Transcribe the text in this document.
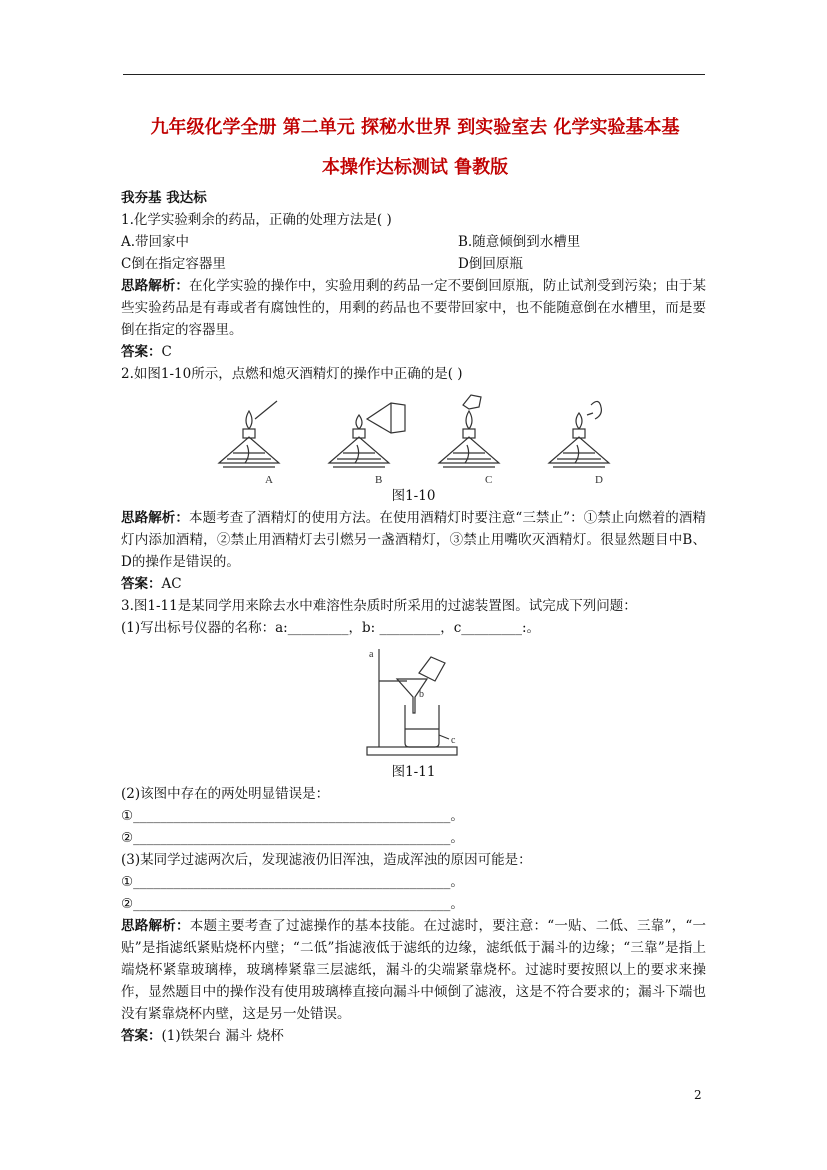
九年级化学全册 第二单元 探秘水世界 到实验室去 化学实验基本基
本操作达标测试 鲁教版
我夯基 我达标
1.化学实验剩余的药品，正确的处理方法是( )
A.带回家中	B.随意倾倒到水槽里
C倒在指定容器里	D倒回原瓶
思路解析：在化学实验的操作中，实验用剩的药品一定不要倒回原瓶，防止试剂受到污染；由于某些实验药品是有毒或者有腐蚀性的，用剩的药品也不要带回家中，也不能随意倒在水槽里，而是要倒在指定的容器里。
答案：C
2.如图1-10所示，点燃和熄灭酒精灯的操作中正确的是( )
A	B	C	D
图1-10
思路解析：本题考查了酒精灯的使用方法。在使用酒精灯时要注意“三禁止”：①禁止向燃着的酒精灯内添加酒精，②禁止用酒精灯去引燃另一盏酒精灯，③禁止用嘴吹灭酒精灯。很显然题目中B、D的操作是错误的。
答案：AC
3.图1-11是某同学用来除去水中难溶性杂质时所采用的过滤装置图。试完成下列问题：
(1)写出标号仪器的名称：a:_________，b: _________，c_________:。
a
b
c
图1-11
(2)该图中存在的两处明显错误是：
①_______________________________________________。
②_______________________________________________。
(3)某同学过滤两次后，发现滤液仍旧浑浊，造成浑浊的原因可能是：
①_______________________________________________。
②_______________________________________________。
思路解析：本题主要考查了过滤操作的基本技能。在过滤时，要注意：“一贴、二低、三靠”，“一贴”是指滤纸紧贴烧杯内壁；“二低”指滤液低于滤纸的边缘，滤纸低于漏斗的边缘；“三靠”是指上端烧杯紧靠玻璃棒，玻璃棒紧靠三层滤纸，漏斗的尖端紧靠烧杯。过滤时要按照以上的要求来操作，显然题目中的操作没有使用玻璃棒直接向漏斗中倾倒了滤液，这是不符合要求的；漏斗下端也没有紧靠烧杯内壁，这是另一处错误。
答案：(1)铁架台 漏斗 烧杯
2
